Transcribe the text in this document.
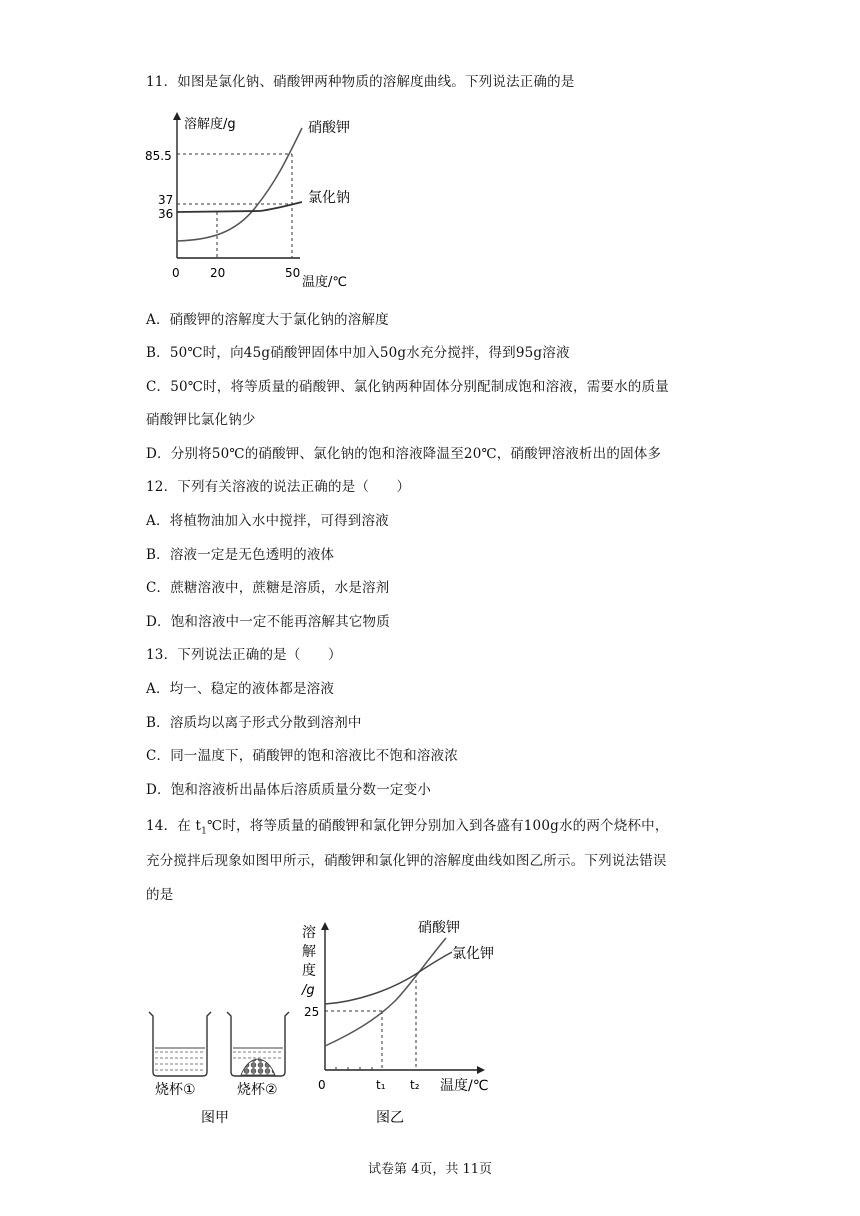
11．如图是氯化钠、硝酸钾两种物质的溶解度曲线。下列说法正确的是
溶解度/g
温度/℃
85.5
37
36
0	20	50
硝酸钾
氯化钠
A．硝酸钾的溶解度大于氯化钠的溶解度
B．50℃时，向45g硝酸钾固体中加入50g水充分搅拌，得到95g溶液
C．50℃时，将等质量的硝酸钾、氯化钠两种固体分别配制成饱和溶液，需要水的质量
硝酸钾比氯化钠少
D．分别将50℃的硝酸钾、氯化钠的饱和溶液降温至20℃，硝酸钾溶液析出的固体多
12．下列有关溶液的说法正确的是（　　）
A．将植物油加入水中搅拌，可得到溶液
B．溶液一定是无色透明的液体
C．蔗糖溶液中，蔗糖是溶质，水是溶剂
D．饱和溶液中一定不能再溶解其它物质
13．下列说法正确的是（　　）
A．均一、稳定的液体都是溶液
B．溶质均以离子形式分散到溶剂中
C．同一温度下，硝酸钾的饱和溶液比不饱和溶液浓
D．饱和溶液析出晶体后溶质质量分数一定变小
14．在 $t_1℃$时，将等质量的硝酸钾和氯化钾分别加入到各盛有100g水的两个烧杯中，
充分搅拌后现象如图甲所示，硝酸钾和氯化钾的溶解度曲线如图乙所示。下列说法错误
的是
烧杯①	烧杯②
图甲
溶
解
度
/g
25
0	t₁ t₂ 温度/℃
硝酸钾
氯化钾
图乙
试卷第 4页，共 11页
